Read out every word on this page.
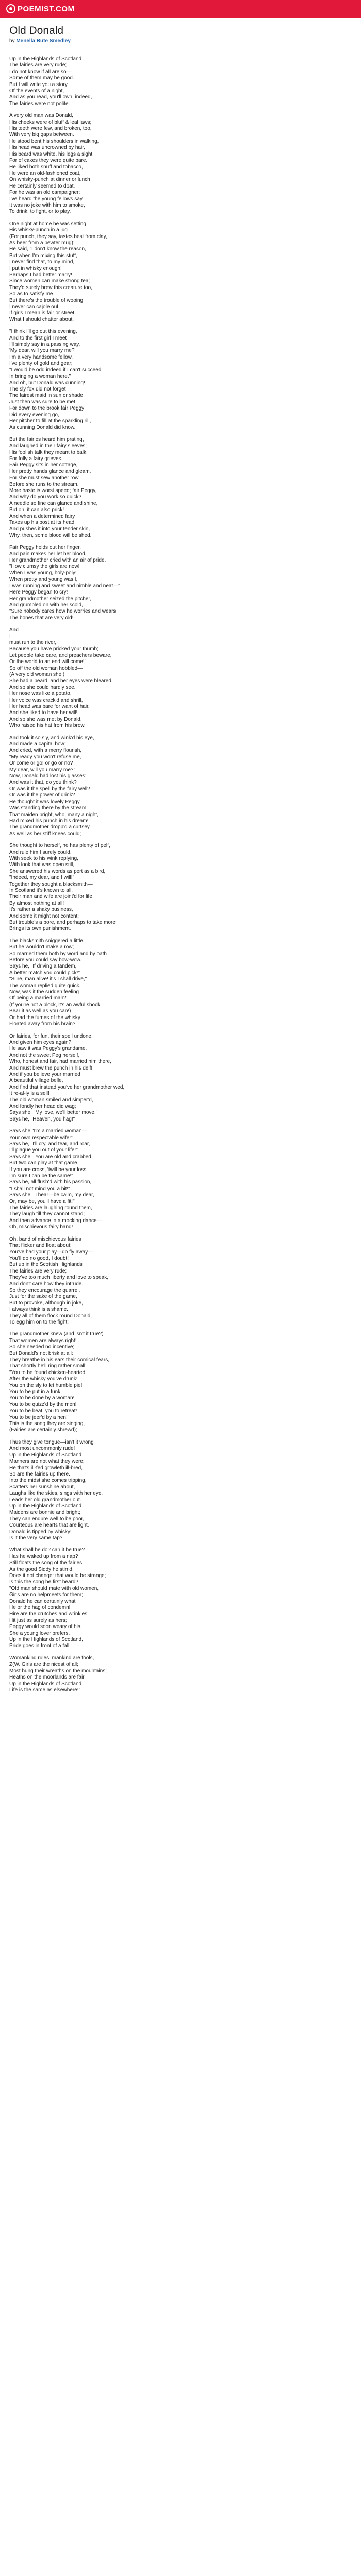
POEMIST.COM
Old Donald
by Menella Bute Smedley
Up in the Highlands of Scotland
The fairies are very rude;
I do not know if all are so—
Some of them may be good.
But I will write you a story
Of the events of a night,
And as you read, you'll own, indeed,
The fairies were not polite.
A very old man was Donald,
His cheeks were of bluff & leal laws;
His teeth were few, and broken, too,
With very big gaps between.
He stood bent his shoulders in walking,
His head was uncrowned by hair,
His beard was white, his legs a sight,
For of cakes they were quite bare.
He liked both snuff and tobacco,
He were an old-fashioned coat,
On whisky-punch at dinner or lunch
He certainly seemed to doat.
For he was an old campaigner;
I've heard the young fellows say
It was no joke with him to smoke,
To drink, to fight, or to play.
One night at home he was setting
His whisky-punch in a jug
(For punch, they say, tastes best from clay,
As beer from a pewter mug);
He said, "I don't know the reason,
But when I'm mixing this stuff,
I never find that, to my mind,
I put in whisky enough!
Perhaps I had better marry!
Since women can make strong tea;
They'd surely brew this creature too,
So as to satisfy me.
But there's the trouble of wooing;
I never can cajole out,
If girls I mean is fair or street,
What I should chatter about.
"I think I'll go out this evening,
And to the first girl I meet
I'll simply say in a passing way,
'My dear, will you marry me?'
I'm a very handsome fellow,
I've plenty of gold and gear;
"I would be odd indeed if I can't succeed
In bringing a woman here."
And oh, but Donald was cunning!
The sly fox did not forget
The fairest maid in sun or shade
Just then was sure to be met
For down to the brook fair Peggy
Did every evening go,
Her pitcher to fill at the sparkling rill,
As cunning Donald did know.
But the fairies heard him prating,
And laughed in their fairy sleeves;
His foolish talk they meant to balk,
For folly a fairy grieves.
Fair Peggy sits in her cottage,
Her pretty hands glance and gleam,
For she must sew another row
Before she runs to the stream.
More haste is worst speed; fair Peggy,
And why do you work so quick?
A needle so fine can glance and shine,
But oh, it can also prick!
And when a determined fairy
Takes up his post at its head,
And pushes it into your tender skin,
Why, then, some blood will be shed.
Fair Peggy holds out her finger,
And pain makes her let her blood,
Her grandmother cried with an air of pride,
"How clumsy the girls are now!
When I was young, holy-poly!
When pretty and young was I,
I was running and sweet and nimble and neat—"
Here Peggy began to cry!
Her grandmother seized the pitcher,
And grumbled on with her scold,
"Sure nobody cares how he worries and wears
The bones that are very old!
And
I
must run to the river,
Because you have pricked your thumb;
Let people take care, and preachers beware,
Or the world to an end will come!"
So off the old woman hobbled—
(A very old woman she;)
She had a beard, and her eyes were bleared,
And so she could hardly see.
Her nose was like a potato,
Her voice was crack'd and shrill,
Her head was bare for want of hair,
And she liked to have her will!
And so she was met by Donald,
Who raised his hat from his brow,
And took it so sly, and wink'd his eye,
And made a capital bow;
And cried, with a merry flourish,
"My ready you won't refuse me,
Or come or go! or go or no?
My dear, will you marry me?"
Now, Donald had lost his glasses;
And was it that, do you think?
Or was it the spell by the fairy well?
Or was it the power of drink?
He thought it was lovely Peggy
Was standing there by the stream;
That maiden bright, who, many a night,
Had mixed his punch in his dream!
The grandmother dropp'd a curtsey
As well as her stiff knees could;
She thought to herself, he has plenty of pelf,
And rule him I surely could.
With seek to his wink replying,
With look that was open still,
She answered his words as pert as a bird,
"Indeed, my dear, and I will!"
Together they sought a blacksmith—
In Scotland it's known to all,
Their man and wife are joint'd for life
By almost nothing at all!
It's rather a shaky business,
And some it might not content;
But trouble's a bore, and perhaps to take more
Brings its own punishment.
The blacksmith sniggered a little,
But he wouldn't make a row;
So married them both by word and by oath
Before you could say bow-wow.
Says he, "If driving a tandem,
A better match you could pick!"
"Sure, man alive! it's I shall drive,"
The woman replied quite quick.
Now, was it the sudden feeling
Of being a married man?
(If you're not a block, it's an awful shock;
Bear it as well as you can!)
Or had the fumes of the whisky
Floated away from his brain?
Or fairies, for fun, their spell undone,
And given him eyes again?
He saw it was Peggy's grandame,
And not the sweet Peg herself,
Who, honest and fair, had married him there,
And must brew the punch in his delf!
And if you believe your married
A beautiful village belle,
And find that instead you've her grandmother wed,
It re-al-ly is a sell!
The old woman smiled and simper'd,
And fondly her head did wag;
Says she, "My love, we'll better move."
Says he, "Heaven, you hag!"
Says she "I'm a married woman—
Your own respectable wife!"
Says he, "I'll cry, and tear, and roar,
I'll plague you out of your life!"
Says she, "You are old and crabbed,
But two can play at that game.
If you are cross, 'twill be your loss;
I'm sure I can be the same!"
Says he, all flush'd with his passion,
"I shall not mind you a bit!"
Says she, "I hear—be calm, my dear,
Or, may be, you'll have a fit!"
The fairies are laughing round them,
They laugh till they cannot stand;
And then advance in a mocking dance—
Oh, mischievous fairy band!
Oh, band of mischievous fairies
That flicker and float about;
You've had your play—do fly away—
You'll do no good, I doubt!
But up in the Scottish Highlands
The fairies are very rude;
They've too much liberty and love to speak,
And don't care how they intrude.
So they encourage the quarrel,
Just for the sake of the game,
But to provoke, although in joke,
I always think is a shame.
They all of them flock round Donald,
To egg him on to the fight;
The grandmother knew (and isn't it true?)
That women are always right!
So she needed no incentive;
But Donald's not brisk at all:
They breathe in his ears their comical fears,
That shortly he'll ring rather small!
"You to be found chicken-hearted,
After the whisky you've drunk!
You on the sly to let humble pie!
You to be put in a funk!
You to be done by a woman!
You to be quizz'd by the men!
You to be beat! you to retreat!
You to be jeer'd by a hen!"
This is the song they are singing,
(Fairies are certainly shrewd);
Thus they give tongue—isn't it wrong
And most uncommonly rude!
Up in the Highlands of Scotland
Manners are not what they were;
He that's ill-fed growleth ill-bred,
So are the fairies up there.
Into the midst she comes tripping,
Scatters her sunshine about,
Laughs like the skies, sings with her eye,
Leads her old grandmother out.
Up in the Highlands of Scotland
Maidens are bonnie and bright;
They can endure well to be poor,
Courteous are hearts that are light.
Donald is tipped by whisky!
Is it the very same tap?
What shall he do? can it be true?
Has he waked up from a nap?
Still floats the song of the fairies
As the good Siddy he stirr'd,
Does it not change: that would be strange;
Is this the song he first heard?
"Old man should mate with old women,
Girls are no helpmeets for them;
Donald he can certainly what
He or the hag of condemn!
Hire are the crutches and wrinkles,
Hit just as surely as hers;
Peggy would soon weary of his,
She a young lover prefers.
Up in the Highlands of Scotland,
Pride goes in front of a fall.
Womankind rules, mankind are fools,
Z(W. Girls are the nicest of all;
Most hung their wreaths on the mountains;
Heaths on the moorlands are fair.
Up in the Highlands of Scotland
Life is the same as elsewhere!"
